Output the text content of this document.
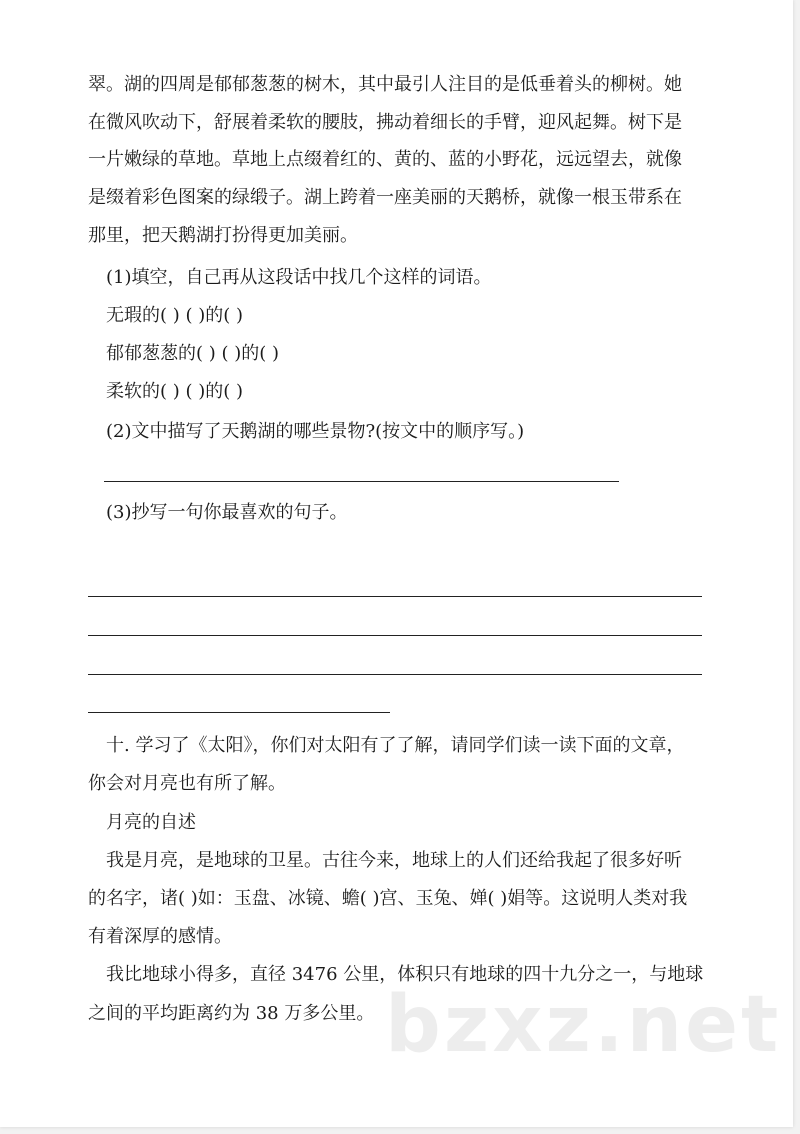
翠。湖的四周是郁郁葱葱的树木，其中最引人注目的是低垂着头的柳树。她
在微风吹动下，舒展着柔软的腰肢，拂动着细长的手臂，迎风起舞。树下是
一片嫩绿的草地。草地上点缀着红的、黄的、蓝的小野花，远远望去，就像
是缀着彩色图案的绿缎子。湖上跨着一座美丽的天鹅桥，就像一根玉带系在
那里，把天鹅湖打扮得更加美丽。
(1)填空，自己再从这段话中找几个这样的词语。
无瑕的( ) ( )的( )
郁郁葱葱的( ) ( )的( )
柔软的( ) ( )的( )
(2)文中描写了天鹅湖的哪些景物?(按文中的顺序写。)
(3)抄写一句你最喜欢的句子。
十. 学习了《太阳》，你们对太阳有了了解，请同学们读一读下面的文章，
你会对月亮也有所了解。
月亮的自述
我是月亮，是地球的卫星。古往今来，地球上的人们还给我起了很多好听
的名字，诸( )如：玉盘、冰镜、蟾( )宫、玉兔、婵( )娟等。这说明人类对我
有着深厚的感情。
我比地球小得多，直径 3476 公里，体积只有地球的四十九分之一，与地球
之间的平均距离约为 38 万多公里。 bzxz.net
